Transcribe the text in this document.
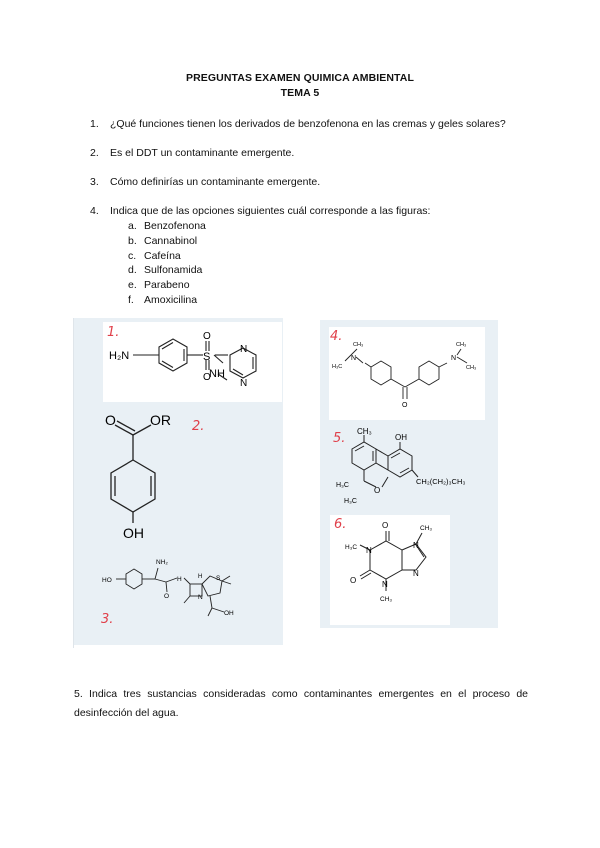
PREGUNTAS EXAMEN QUIMICA AMBIENTAL
TEMA 5
1. ¿Qué funciones tienen los derivados de benzofenona en las cremas y geles solares?
2. Es el DDT un contaminante emergente.
3. Cómo definirías un contaminante emergente.
4. Indica que de las opciones siguientes cuál corresponde a las figuras:
a. Benzofenona
b. Cannabinol
c. Cafeína
d. Sulfonamida
e. Parabeno
f. Amoxicilina
H₂N	S
O
O
NH
N
N
1.
O OR
OH
2.
NH₂
HO	H
N
S
O
OH
H
3.
N
CH₃
H₃C
O
N
CH₃
CH₃
4.
CH₃
OH
H₃C
H₃C
O
CH₂(CH₂)₃CH₃
5.
O
N
H₃C
O	N
CH₃
N
CH₃
N
6.
5. Indica tres sustancias consideradas como contaminantes emergentes en el proceso de desinfección del agua.
